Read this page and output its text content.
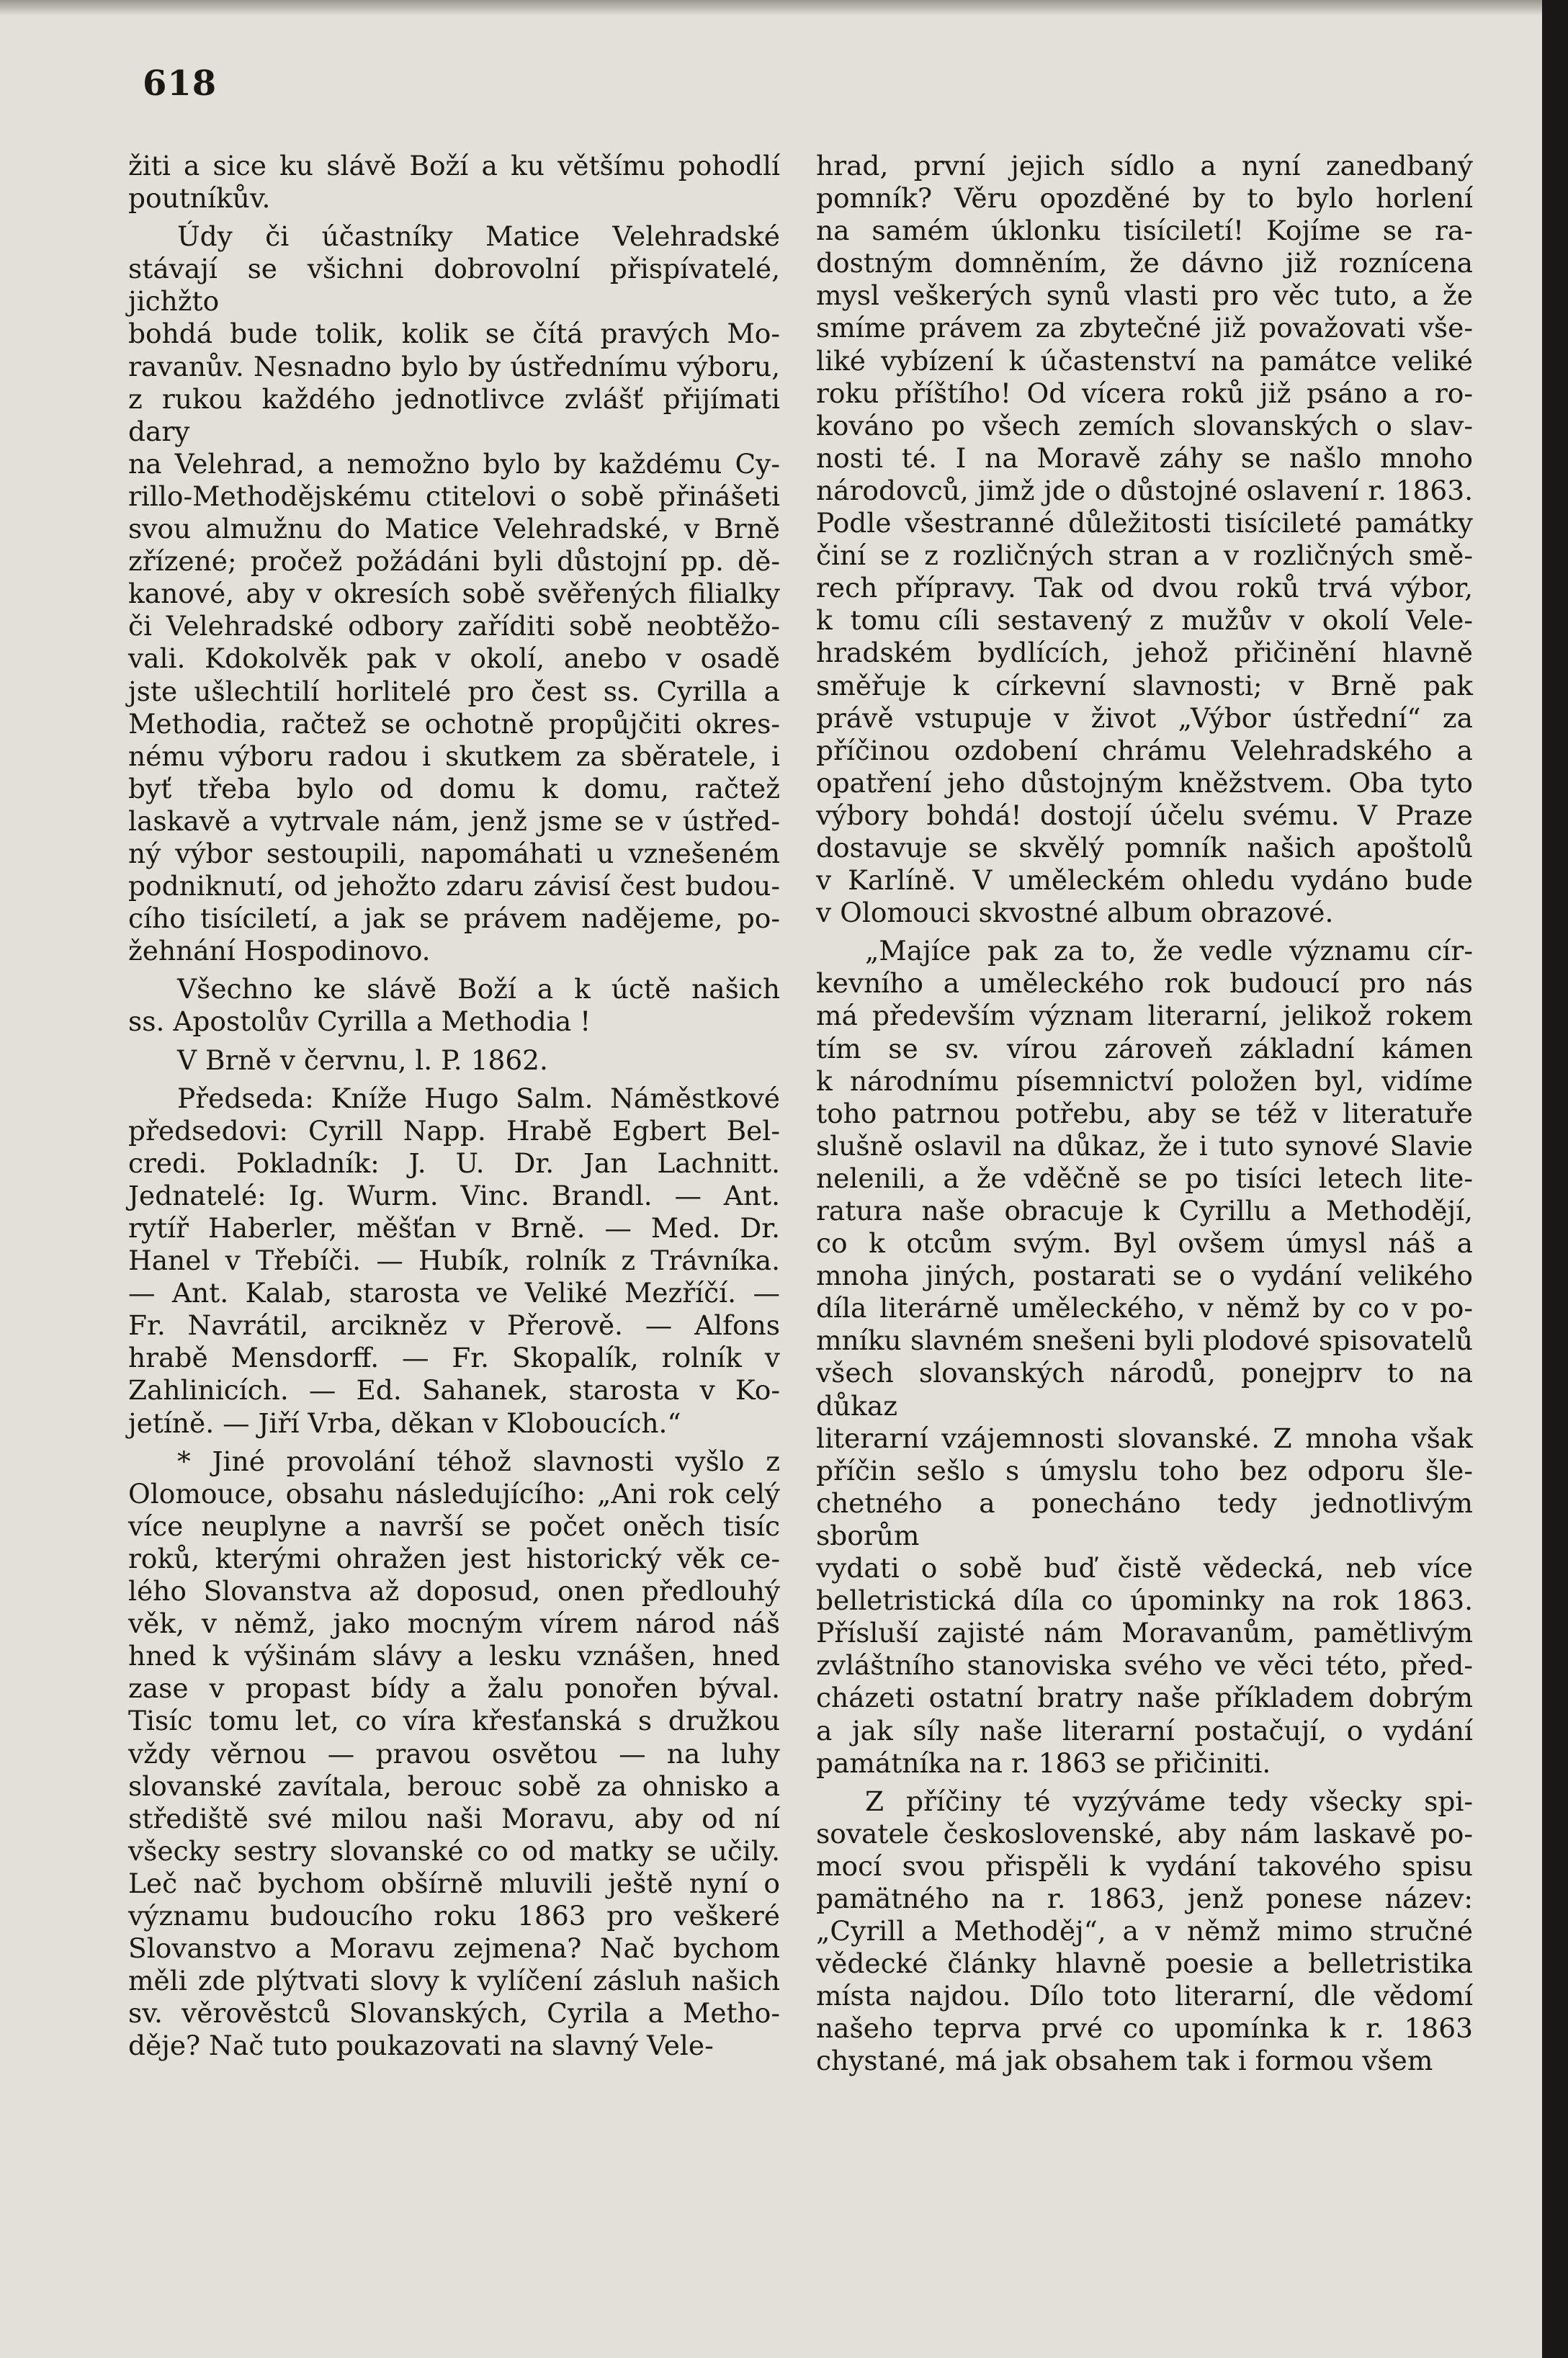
618

žiti a sice ku slávě Boží a ku většímu pohodlí
poutníkův.

Údy či účastníky Matice Velehradské
stávají se všichni dobrovolní přispívatelé, jichžto
bohdá bude tolik, kolik se čítá pravých Mo-
ravanův. Nesnadno bylo by ústřednímu výboru,
z rukou každého jednotlivce zvlášť přijímati dary
na Velehrad, a nemožno bylo by každému Cy-
rillo-Methodějskému ctitelovi o sobě přinášeti
svou almužnu do Matice Velehradské, v Brně
zřízené; pročež požádáni byli důstojní pp. dě-
kanové, aby v okresích sobě svěřených filialky
či Velehradské odbory zaříditi sobě neobtěžo-
vali. Kdokolvěk pak v okolí, anebo v osadě
jste ušlechtilí horlitelé pro čest ss. Cyrilla a
Methodia, račtež se ochotně propůjčiti okres-
nému výboru radou i skutkem za sběratele, i
byť třeba bylo od domu k domu, račtež
laskavě a vytrvale nám, jenž jsme se v ústřed-
ný výbor sestoupili, napomáhati u vznešeném
podniknutí, od jehožto zdaru závisí čest budou-
cího tisíciletí, a jak se právem nadějeme, po-
žehnání Hospodinovo.

Všechno ke slávě Boží a k úctě našich
ss. Apostolův Cyrilla a Methodia !

V Brně v červnu, l. P. 1862.

Předseda: Kníže Hugo Salm. Náměstkové
předsedovi: Cyrill Napp. Hrabě Egbert Bel-
credi. Pokladník: J. U. Dr. Jan Lachnitt.
Jednatelé: Ig. Wurm. Vinc. Brandl. — Ant.
rytíř Haberler, měšťan v Brně. — Med. Dr.
Hanel v Třebíči. — Hubík, rolník z Trávníka.
— Ant. Kalab, starosta ve Veliké Mezříčí. —
Fr. Navrátil, arcikněz v Přerově. — Alfons
hrabě Mensdorff. — Fr. Skopalík, rolník v
Zahlinicích. — Ed. Sahanek, starosta v Ko-
jetíně. — Jiří Vrba, děkan v Kloboucích.“

* Jiné provolání téhož slavnosti vyšlo z
Olomouce, obsahu následujícího: „Ani rok celý
více neuplyne a navrší se počet oněch tisíc
roků, kterými ohražen jest historický věk ce-
lého Slovanstva až doposud, onen předlouhý
věk, v němž, jako mocným vírem národ náš
hned k výšinám slávy a lesku vznášen, hned
zase v propast bídy a žalu ponořen býval.
Tisíc tomu let, co víra křesťanská s družkou
vždy věrnou — pravou osvětou — na luhy
slovanské zavítala, berouc sobě za ohnisko a
střediště své milou naši Moravu, aby od ní
všecky sestry slovanské co od matky se učily.
Leč nač bychom obšírně mluvili ještě nyní o
významu budoucího roku 1863 pro veškeré
Slovanstvo a Moravu zejmena? Nač bychom
měli zde plýtvati slovy k vylíčení zásluh našich
sv. věrověstců Slovanských, Cyrila a Metho-
děje? Nač tuto poukazovati na slavný Vele-

hrad, první jejich sídlo a nyní zanedbaný
pomník? Věru opozděné by to bylo horlení
na samém úklonku tisíciletí! Kojíme se ra-
dostným domněním, že dávno již roznícena
mysl veškerých synů vlasti pro věc tuto, a že
smíme právem za zbytečné již považovati vše-
liké vybízení k účastenství na památce veliké
roku příštího! Od vícera roků již psáno a ro-
kováno po všech zemích slovanských o slav-
nosti té. I na Moravě záhy se našlo mnoho
národovců, jimž jde o důstojné oslavení r. 1863.
Podle všestranné důležitosti tisícileté památky
činí se z rozličných stran a v rozličných smě-
rech přípravy. Tak od dvou roků trvá výbor,
k tomu cíli sestavený z mužův v okolí Vele-
hradském bydlících, jehož přičinění hlavně
směřuje k církevní slavnosti; v Brně pak
právě vstupuje v život „Výbor ústřední“ za
příčinou ozdobení chrámu Velehradského a
opatření jeho důstojným kněžstvem. Oba tyto
výbory bohdá! dostojí účelu svému. V Praze
dostavuje se skvělý pomník našich apoštolů
v Karlíně. V uměleckém ohledu vydáno bude
v Olomouci skvostné album obrazové.

„Majíce pak za to, že vedle významu cír-
kevního a uměleckého rok budoucí pro nás
má především význam literarní, jelikož rokem
tím se sv. vírou zároveň základní kámen
k národnímu písemnictví položen byl, vidíme
toho patrnou potřebu, aby se též v literatuře
slušně oslavil na důkaz, že i tuto synové Slavie
nelenili, a že vděčně se po tisíci letech lite-
ratura naše obracuje k Cyrillu a Methodějí,
co k otcům svým. Byl ovšem úmysl náš a
mnoha jiných, postarati se o vydání velikého
díla literárně uměleckého, v němž by co v po-
mníku slavném snešeni byli plodové spisovatelů
všech slovanských národů, ponejprv to na důkaz
literarní vzájemnosti slovanské. Z mnoha však
příčin sešlo s úmyslu toho bez odporu šle-
chetného a ponecháno tedy jednotlivým sborům
vydati o sobě buď čistě vědecká, neb více
belletristická díla co úpominky na rok 1863.
Přísluší zajisté nám Moravanům, pamětlivým
zvláštního stanoviska svého ve věci této, před-
cházeti ostatní bratry naše příkladem dobrým
a jak síly naše literarní postačují, o vydání
památníka na r. 1863 se přičiniti.

Z příčiny té vyzýváme tedy všecky spi-
sovatele československé, aby nám laskavě po-
mocí svou přispěli k vydání takového spisu
pamätného na r. 1863, jenž ponese název:
„Cyrill a Methoděj“, a v němž mimo stručné
vědecké články hlavně poesie a belletristika
místa najdou. Dílo toto literarní, dle vědomí
našeho teprva prvé co upomínka k r. 1863
chystané, má jak obsahem tak i formou všem
